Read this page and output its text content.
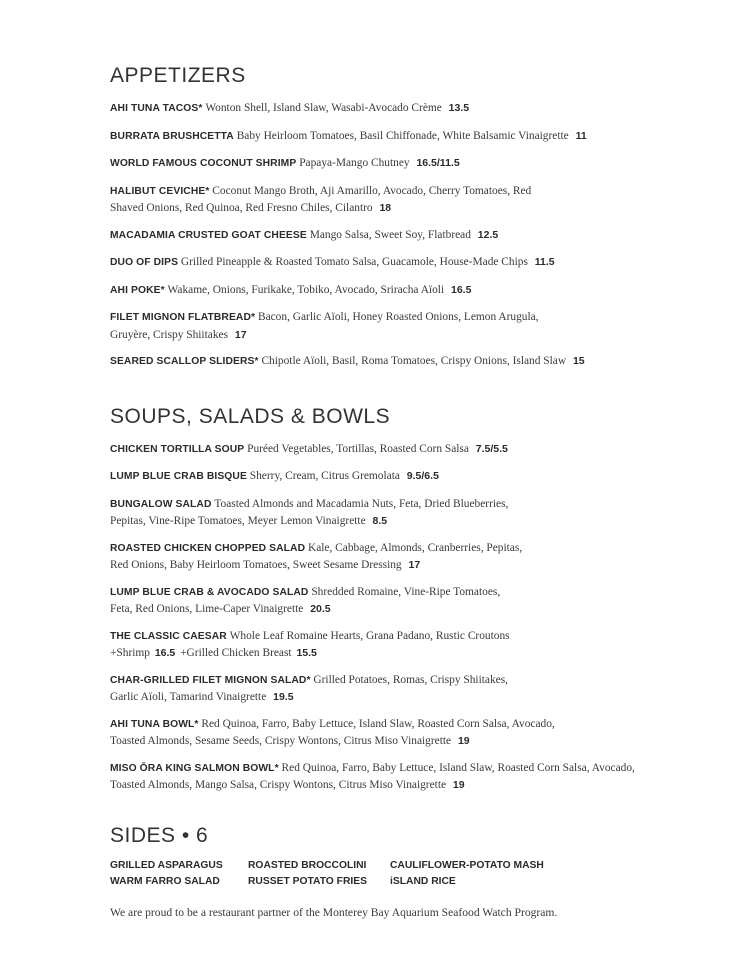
APPETIZERS
AHI TUNA TACOS* Wonton Shell, Island Slaw, Wasabi-Avocado Crème 13.5
BURRATA BRUSHCETTA Baby Heirloom Tomatoes, Basil Chiffonade, White Balsamic Vinaigrette 11
WORLD FAMOUS COCONUT SHRIMP Papaya-Mango Chutney 16.5/11.5
HALIBUT CEVICHE* Coconut Mango Broth, Aji Amarillo, Avocado, Cherry Tomatoes, Red Shaved Onions, Red Quinoa, Red Fresno Chiles, Cilantro 18
MACADAMIA CRUSTED GOAT CHEESE Mango Salsa, Sweet Soy, Flatbread 12.5
DUO OF DIPS Grilled Pineapple & Roasted Tomato Salsa, Guacamole, House-Made Chips 11.5
AHI POKE* Wakame, Onions, Furikake, Tobiko, Avocado, Sriracha Aïoli 16.5
FILET MIGNON FLATBREAD* Bacon, Garlic Aïoli, Honey Roasted Onions, Lemon Arugula, Gruyère, Crispy Shiitakes 17
SEARED SCALLOP SLIDERS* Chipotle Aïoli, Basil, Roma Tomatoes, Crispy Onions, Island Slaw 15
SOUPS, SALADS & BOWLS
CHICKEN TORTILLA SOUP Puréed Vegetables, Tortillas, Roasted Corn Salsa 7.5/5.5
LUMP BLUE CRAB BISQUE Sherry, Cream, Citrus Gremolata 9.5/6.5
BUNGALOW SALAD Toasted Almonds and Macadamia Nuts, Feta, Dried Blueberries, Pepitas, Vine-Ripe Tomatoes, Meyer Lemon Vinaigrette 8.5
ROASTED CHICKEN CHOPPED SALAD Kale, Cabbage, Almonds, Cranberries, Pepitas, Red Onions, Baby Heirloom Tomatoes, Sweet Sesame Dressing 17
LUMP BLUE CRAB & AVOCADO SALAD Shredded Romaine, Vine-Ripe Tomatoes, Feta, Red Onions, Lime-Caper Vinaigrette 20.5
THE CLASSIC CAESAR Whole Leaf Romaine Hearts, Grana Padano, Rustic Croutons
+Shrimp 16.5 +Grilled Chicken Breast 15.5
CHAR-GRILLED FILET MIGNON SALAD* Grilled Potatoes, Romas, Crispy Shiitakes, Garlic Aïoli, Tamarind Vinaigrette 19.5
AHI TUNA BOWL* Red Quinoa, Farro, Baby Lettuce, Island Slaw, Roasted Corn Salsa, Avocado, Toasted Almonds, Sesame Seeds, Crispy Wontons, Citrus Miso Vinaigrette 19
MISO ŌRA KING SALMON BOWL* Red Quinoa, Farro, Baby Lettuce, Island Slaw, Roasted Corn Salsa, Avocado, Toasted Almonds, Mango Salsa, Crispy Wontons, Citrus Miso Vinaigrette 19
SIDES • 6
GRILLED ASPARAGUS	ROASTED BROCCOLINI	CAULIFLOWER-POTATO MASH
WARM FARRO SALAD	RUSSET POTATO FRIES	iSLAND RICE
We are proud to be a restaurant partner of the Monterey Bay Aquarium Seafood Watch Program.
